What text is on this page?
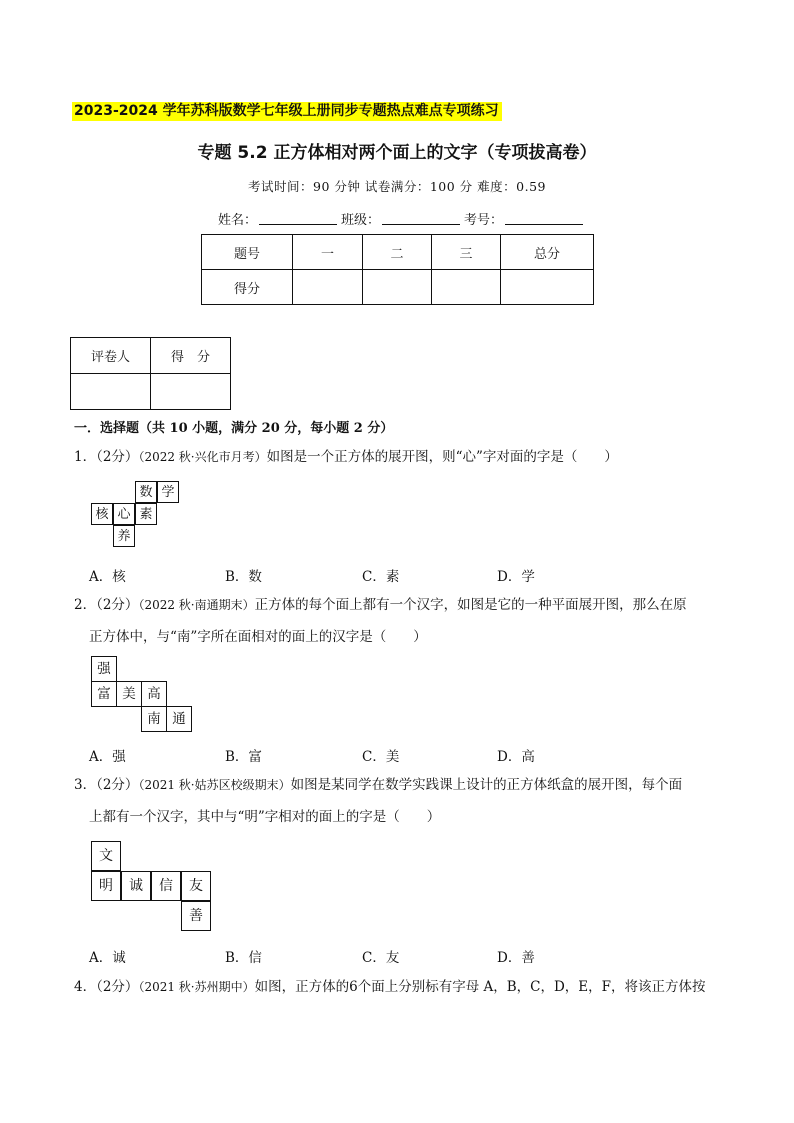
2023-2024 学年苏科版数学七年级上册同步专题热点难点专项练习
专题 5.2 正方体相对两个面上的文字（专项拔高卷）
考试时间：90 分钟 试卷满分：100 分 难度：0.59
姓名：	班级：	考号：
题号	一	二	三	总分
得分				
评卷人	得　分

一．选择题（共 10 小题，满分 20 分，每小题 2 分）
1．（2分）（2022 秋·兴化市月考）如图是一个正方体的展开图，则“心”字对面的字是（　　）
数 学
核 心 素
养
A．核	B．数	C．素	D．学
2．（2分）（2022 秋·南通期末）正方体的每个面上都有一个汉字，如图是它的一种平面展开图，那么在原
正方体中，与“南”字所在面相对的面上的汉字是（　　）
强
富 美 高
南 通
A．强	B．富	C．美	D．高
3．（2分）（2021 秋·姑苏区校级期末）如图是某同学在数学实践课上设计的正方体纸盒的展开图，每个面
上都有一个汉字，其中与“明”字相对的面上的字是（　　）
文
明	诚	信	友
善
A．诚	B．信	C．友	D．善
4．（2分）（2021 秋·苏州期中）如图，正方体的6个面上分别标有字母 A，B，C，D，E，F，将该正方体按
